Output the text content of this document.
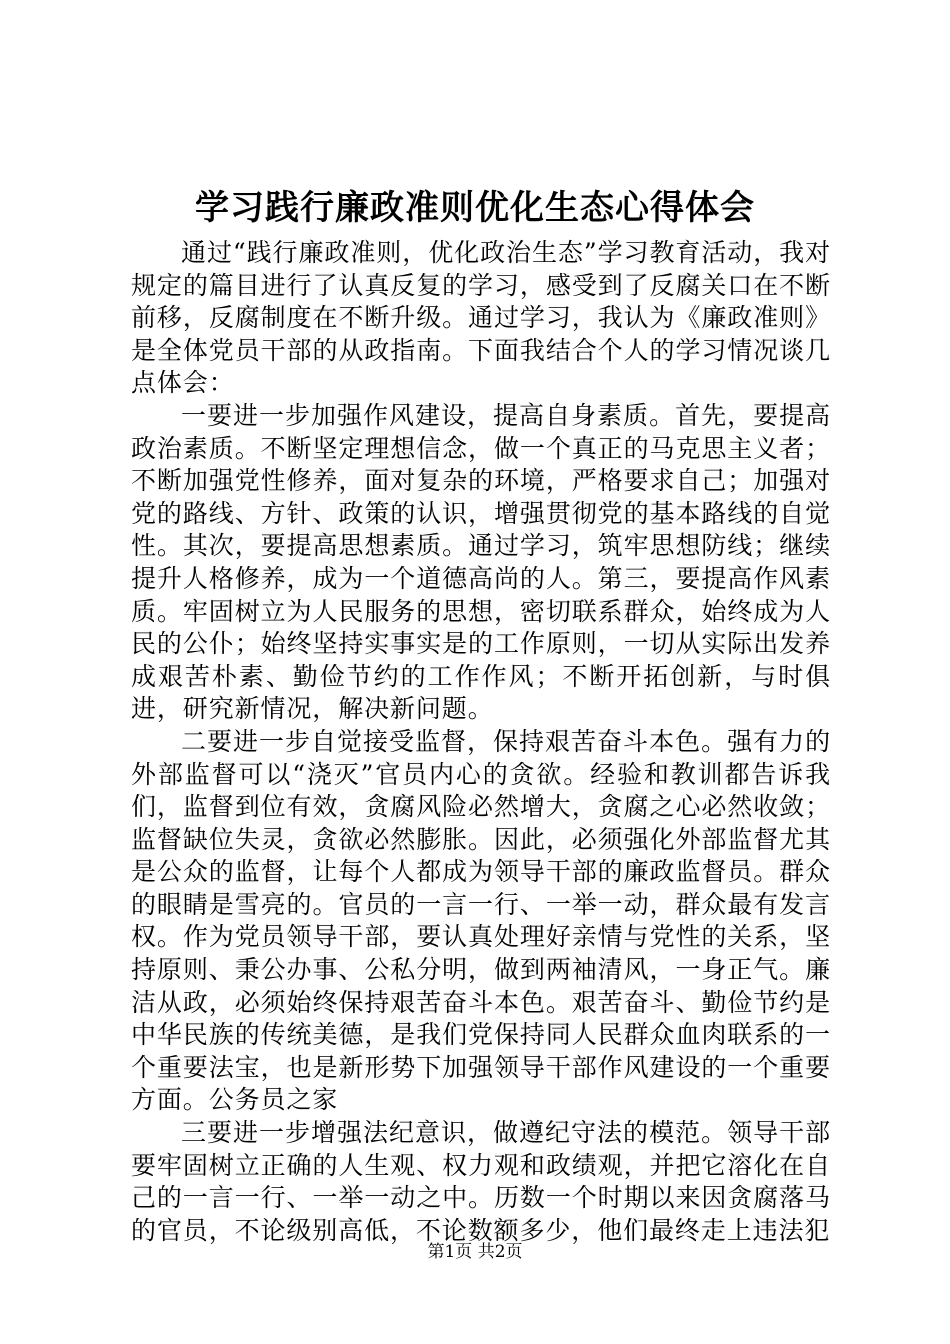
学习践行廉政准则优化生态心得体会

通过“践行廉政准则，优化政治生态”学习教育活动，我对规定的篇目进行了认真反复的学习，感受到了反腐关口在不断前移，反腐制度在不断升级。通过学习，我认为《廉政准则》是全体党员干部的从政指南。下面我结合个人的学习情况谈几点体会：

一要进一步加强作风建设，提高自身素质。首先，要提高政治素质。不断坚定理想信念，做一个真正的马克思主义者；不断加强党性修养，面对复杂的环境，严格要求自己；加强对党的路线、方针、政策的认识，增强贯彻党的基本路线的自觉性。其次，要提高思想素质。通过学习，筑牢思想防线；继续提升人格修养，成为一个道德高尚的人。第三，要提高作风素质。牢固树立为人民服务的思想，密切联系群众，始终成为人民的公仆；始终坚持实事实是的工作原则，一切从实际出发养成艰苦朴素、勤俭节约的工作作风；不断开拓创新，与时俱进，研究新情况，解决新问题。

二要进一步自觉接受监督，保持艰苦奋斗本色。强有力的外部监督可以“浇灭”官员内心的贪欲。经验和教训都告诉我们，监督到位有效，贪腐风险必然增大，贪腐之心必然收敛；监督缺位失灵，贪欲必然膨胀。因此，必须强化外部监督尤其是公众的监督，让每个人都成为领导干部的廉政监督员。群众的眼睛是雪亮的。官员的一言一行、一举一动，群众最有发言权。作为党员领导干部，要认真处理好亲情与党性的关系，坚持原则、秉公办事、公私分明，做到两袖清风，一身正气。廉洁从政，必须始终保持艰苦奋斗本色。艰苦奋斗、勤俭节约是中华民族的传统美德，是我们党保持同人民群众血肉联系的一个重要法宝，也是新形势下加强领导干部作风建设的一个重要方面。公务员之家

三要进一步增强法纪意识，做遵纪守法的模范。领导干部要牢固树立正确的人生观、权力观和政绩观，并把它溶化在自己的一言一行、一举一动之中。历数一个时期以来因贪腐落马的官员，不论级别高低，不论数额多少，他们最终走上违法犯

第1页 共2页
